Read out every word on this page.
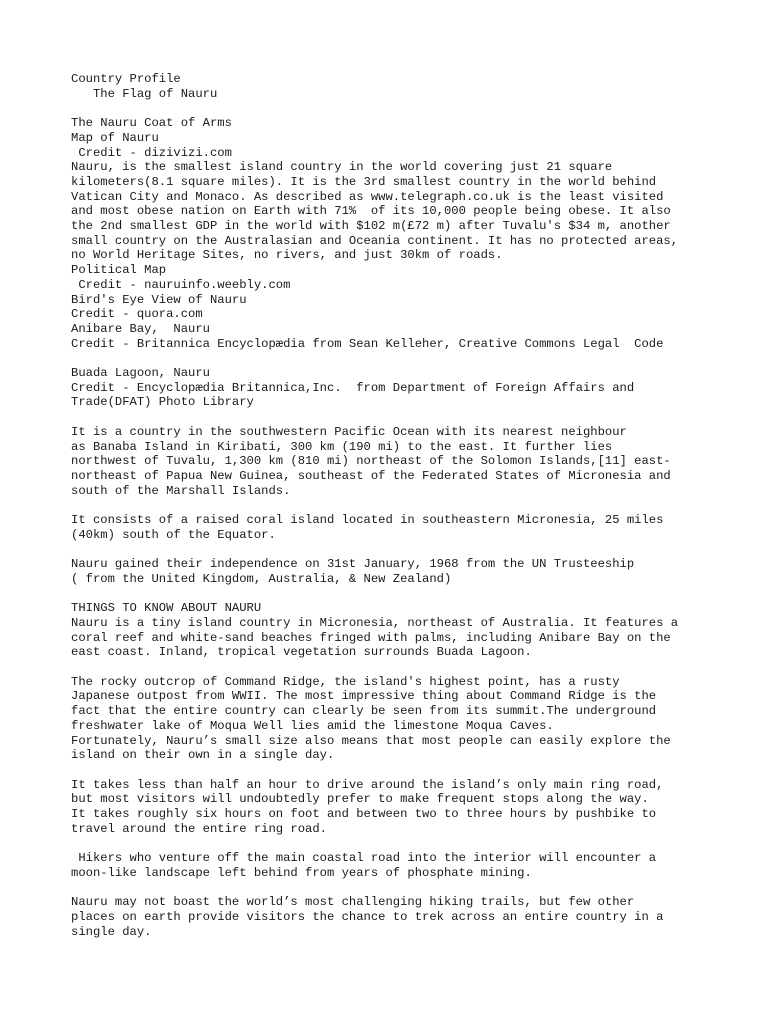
Country Profile
The Flag of Nauru
The Nauru Coat of Arms
Map of Nauru
Credit - dizivizi.com
Nauru, is the smallest island country in the world covering just 21 square
kilometers(8.1 square miles). It is the 3rd smallest country in the world behind
Vatican City and Monaco. As described as www.telegraph.co.uk is the least visited
and most obese nation on Earth with 71%  of its 10,000 people being obese. It also
the 2nd smallest GDP in the world with $102 m(£72 m) after Tuvalu's $34 m, another
small country on the Australasian and Oceania continent. It has no protected areas,
no World Heritage Sites, no rivers, and just 30km of roads.
Political Map
Credit - nauruinfo.weebly.com
Bird's Eye View of Nauru
Credit - quora.com
Anibare Bay,  Nauru
Credit - Britannica Encyclopædia from Sean Kelleher, Creative Commons Legal  Code
Buada Lagoon, Nauru
Credit - Encyclopædia Britannica,Inc.  from Department of Foreign Affairs and
Trade(DFAT) Photo Library
It is a country in the southwestern Pacific Ocean with its nearest neighbour
as Banaba Island in Kiribati, 300 km (190 mi) to the east. It further lies
northwest of Tuvalu, 1,300 km (810 mi) northeast of the Solomon Islands,[11] east-
northeast of Papua New Guinea, southeast of the Federated States of Micronesia and
south of the Marshall Islands.
It consists of a raised coral island located in southeastern Micronesia, 25 miles
(40km) south of the Equator.
Nauru gained their independence on 31st January, 1968 from the UN Trusteeship
( from the United Kingdom, Australia, & New Zealand)
THINGS TO KNOW ABOUT NAURU
Nauru is a tiny island country in Micronesia, northeast of Australia. It features a
coral reef and white-sand beaches fringed with palms, including Anibare Bay on the
east coast. Inland, tropical vegetation surrounds Buada Lagoon.
The rocky outcrop of Command Ridge, the island's highest point, has a rusty
Japanese outpost from WWII. The most impressive thing about Command Ridge is the
fact that the entire country can clearly be seen from its summit.The underground
freshwater lake of Moqua Well lies amid the limestone Moqua Caves.
Fortunately, Nauru’s small size also means that most people can easily explore the
island on their own in a single day.
It takes less than half an hour to drive around the island’s only main ring road,
but most visitors will undoubtedly prefer to make frequent stops along the way.
It takes roughly six hours on foot and between two to three hours by pushbike to
travel around the entire ring road.
Hikers who venture off the main coastal road into the interior will encounter a
moon-like landscape left behind from years of phosphate mining.
Nauru may not boast the world’s most challenging hiking trails, but few other
places on earth provide visitors the chance to trek across an entire country in a
single day.
